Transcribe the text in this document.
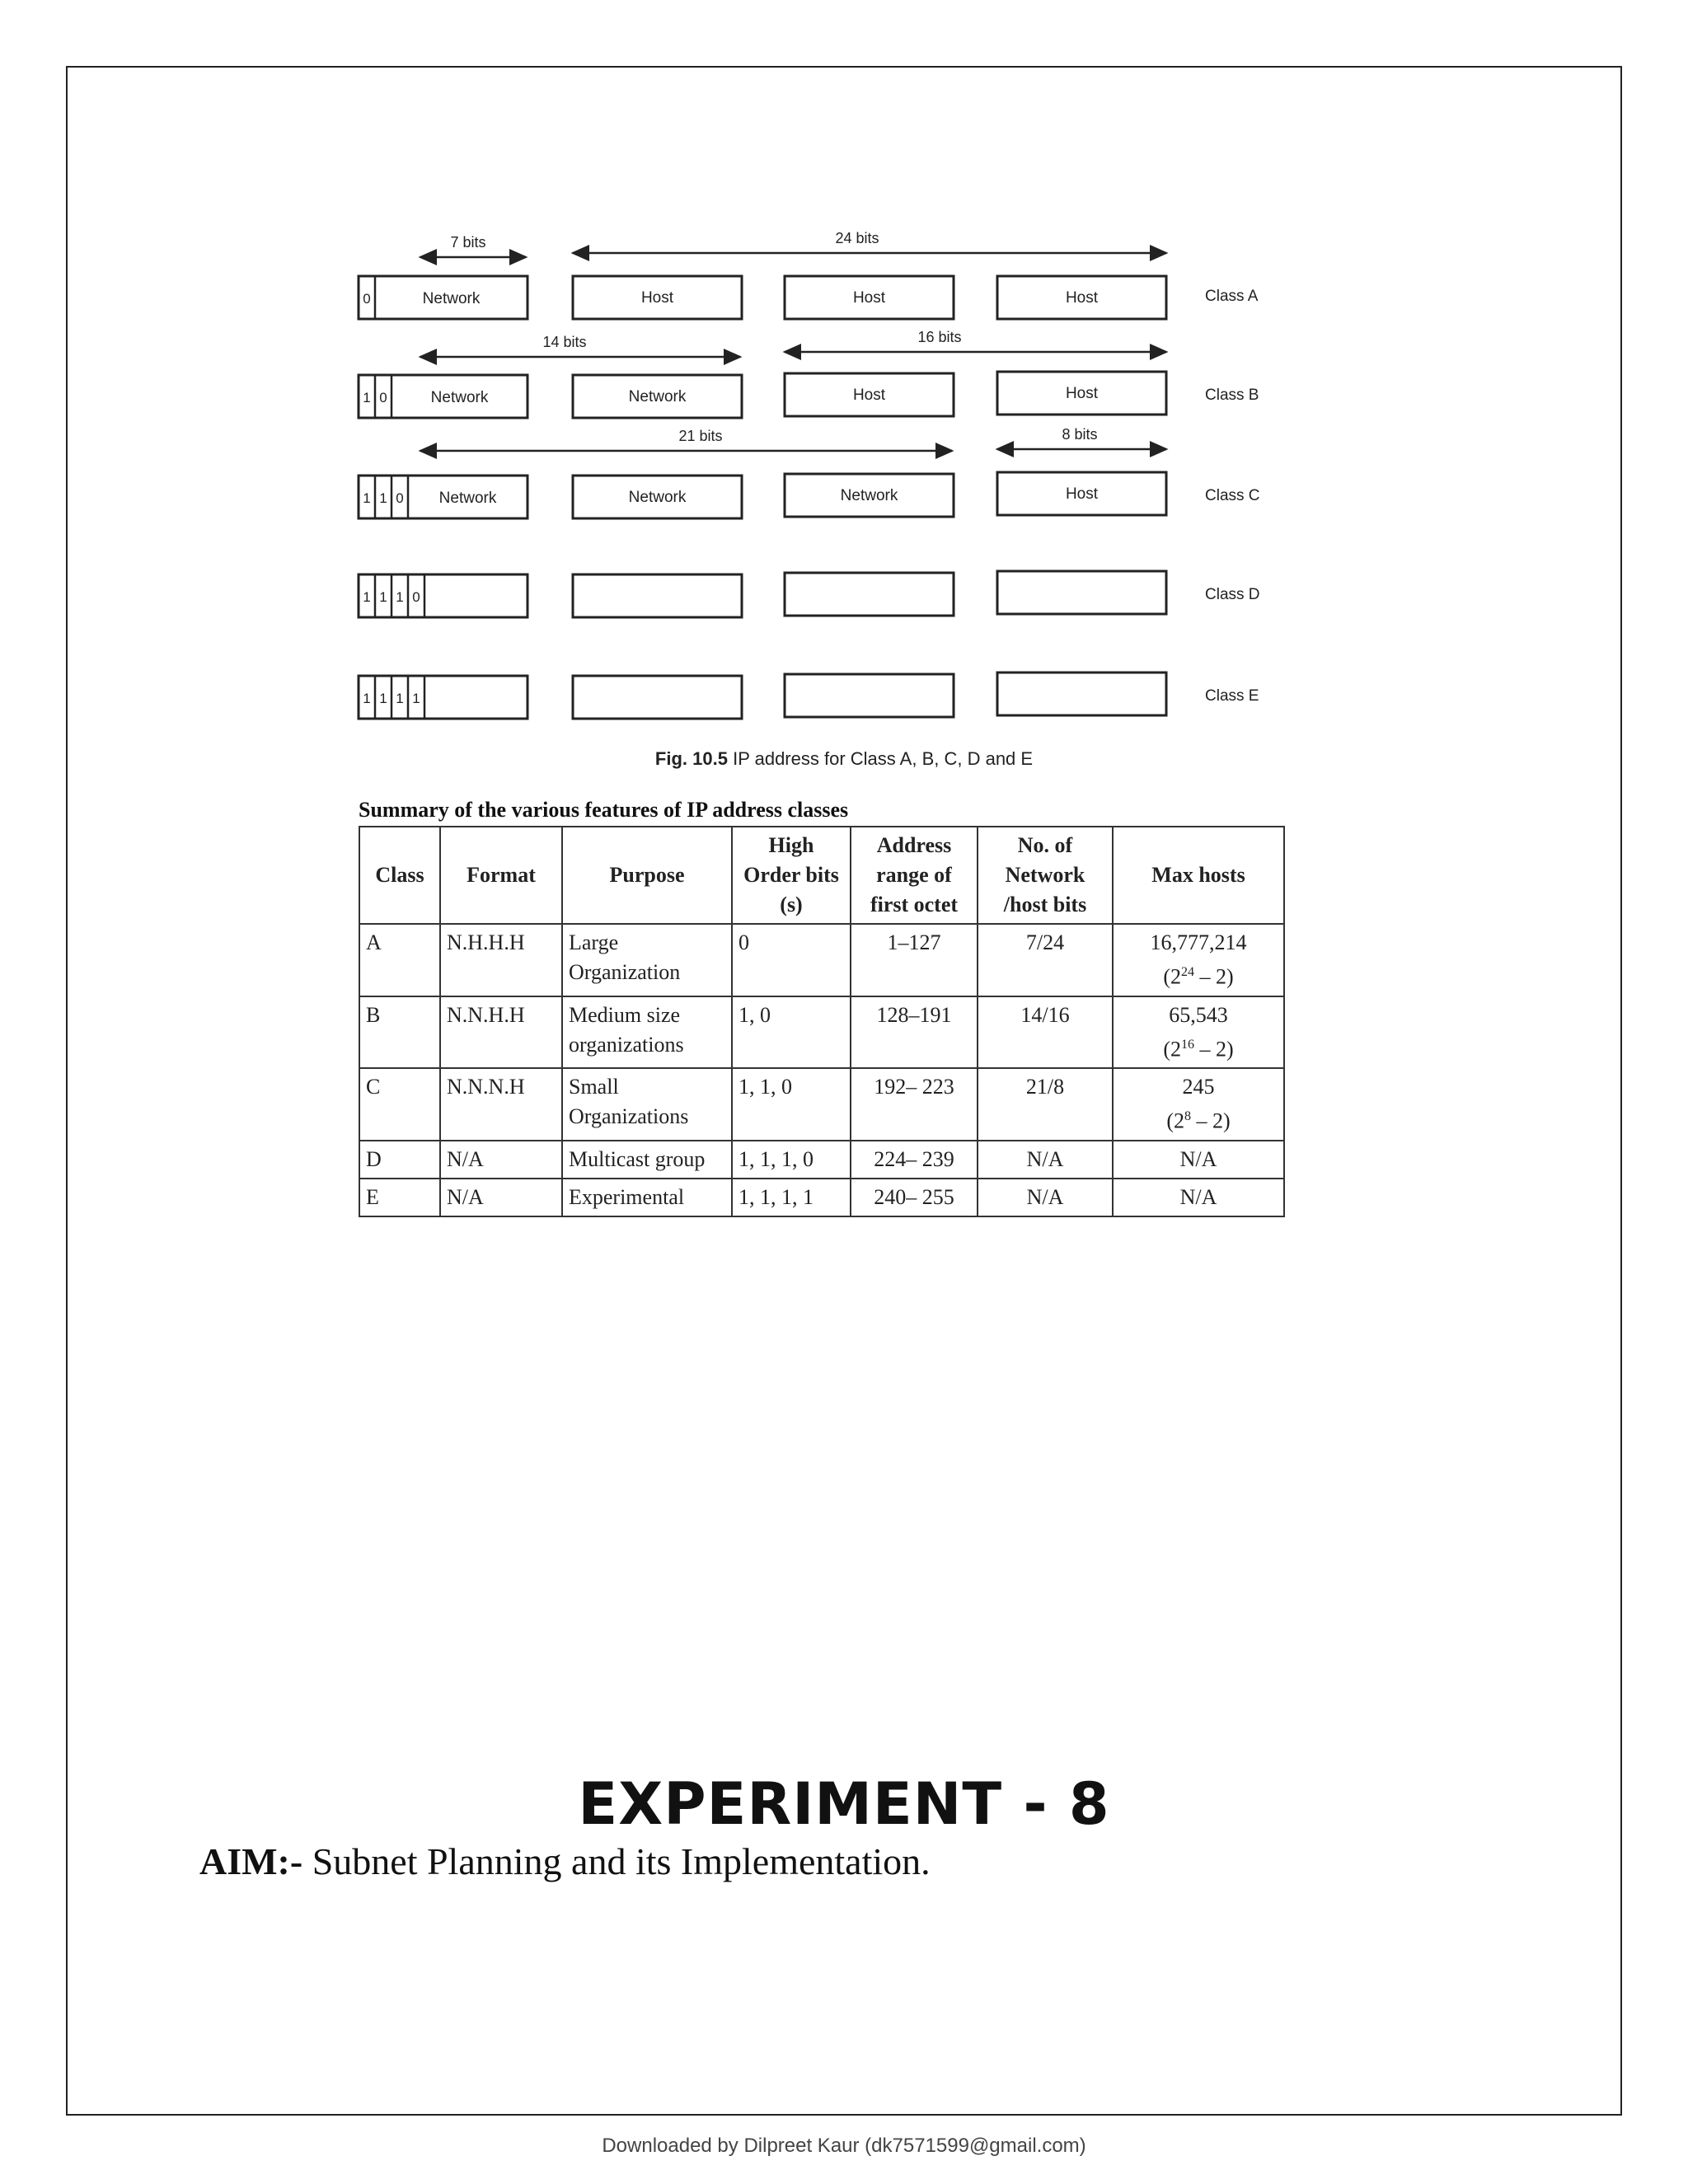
0	Network	Host	Host	Host	Class A
7 bits	24 bits
1 0	Network	Network	Host	Host	Class B
14 bits	16 bits
1 1 0 Network	Network	Network	Host	Class C
21 bits	8 bits
1 1 1 0	Class D
1 1 1 1	Class E
Fig. 10.5 IP address for Class A, B, C, D and E
Summary of the various features of IP address classes
Class	Format	Purpose	High Order bits (s)	Address range of first octet	No. of Network /host bits	Max hosts
A	N.H.H.H	Large Organization	0	1–127	7/24	16,777,214
$(2^{24} - 2)$

B	N.N.H.H	Medium size organizations	1, 0	128–191	14/16	65,543
$(2^{16} - 2)$

C	N.N.N.H	Small Organizations	1, 1, 0	192– 223	21/8	245
$(2^8 - 2)$

D	N/A	Multicast group	1, 1, 1, 0	224– 239	N/A	N/A
E	N/A	Experimental	1, 1, 1, 1	240– 255	N/A	N/A
EXPERIMENT - 8
AIM:- Subnet Planning and its Implementation.
Downloaded by Dilpreet Kaur (dk7571599@gmail.com)
